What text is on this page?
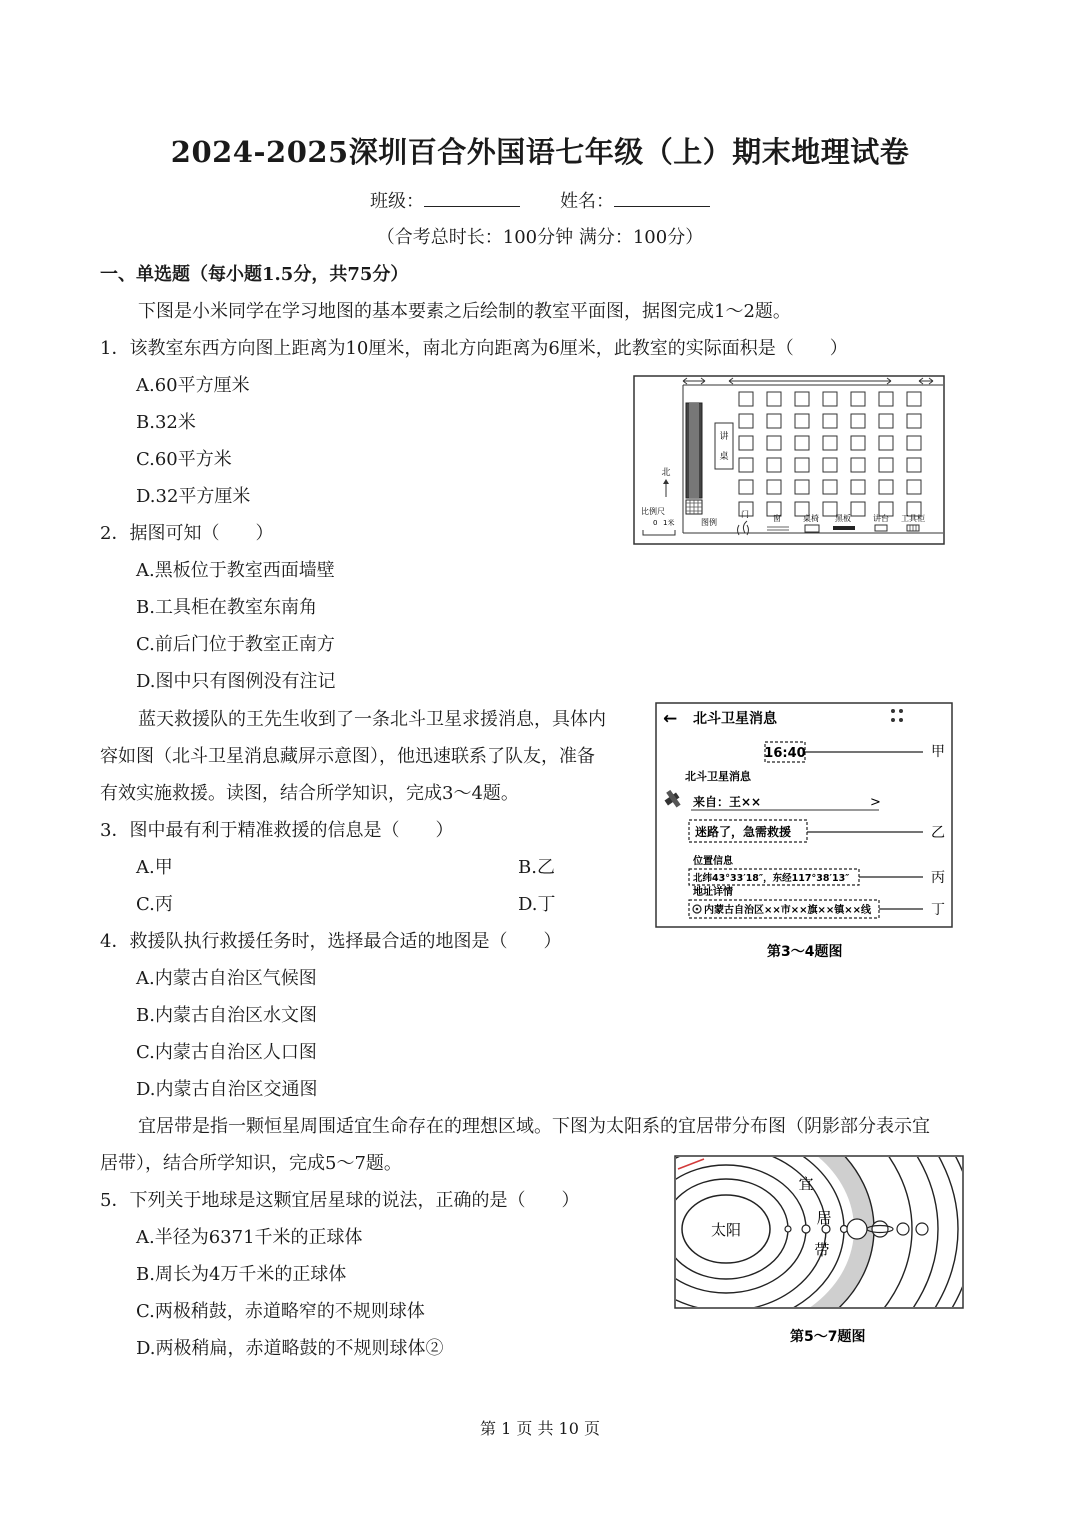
2024-2025深圳百合外国语七年级（上）期末地理试卷
班级：	姓名：
（合考总时长：100分钟 满分：100分）
一、单选题（每小题1.5分，共75分）
下图是小米同学在学习地图的基本要素之后绘制的教室平面图，据图完成1～2题。
1．该教室东西方向图上距离为10厘米，南北方向距离为6厘米，此教室的实际面积是（　　）
A.60平方厘米
B.32米
C.60平方米
D.32平方厘米
2．据图可知（　　）
A.黑板位于教室西面墙壁
B.工具柜在教室东南角
C.前后门位于教室正南方
D.图中只有图例没有注记
讲
桌
北
比例尺
0 1米	图例
门	窗	桌椅 黑板	讲台 工具柜
蓝天救援队的王先生收到了一条北斗卫星求援消息，具体内
容如图（北斗卫星消息藏屏示意图），他迅速联系了队友，准备
有效实施救援。读图，结合所学知识，完成3～4题。
3．图中最有利于精准救援的信息是（　　）
A.甲	B.乙
C.丙	D.丁
4．救援队执行救援任务时，选择最合适的地图是（　　）
A.内蒙古自治区气候图
B.内蒙古自治区水文图
C.内蒙古自治区人口图
D.内蒙古自治区交通图
← 北斗卫星消息
16:40	甲
北斗卫星消息
来自：王××	>
迷路了，急需救援	乙
位置信息
北纬43°33′18″，东经117°38′13″	丙
地址详情
内蒙古自治区××市××旗××镇××线	丁
第3～4题图
宜居带是指一颗恒星周围适宜生命存在的理想区域。下图为太阳系的宜居带分布图（阴影部分表示宜
居带），结合所学知识，完成5～7题。
5．下列关于地球是这颗宜居星球的说法，正确的是（　　）
A.半径为6371千米的正球体
B.周长为4万千米的正球体
C.两极稍鼓，赤道略窄的不规则球体
D.两极稍扁，赤道略鼓的不规则球体②
太阳
宜
居
带
第5～7题图
第 1 页 共 10 页
